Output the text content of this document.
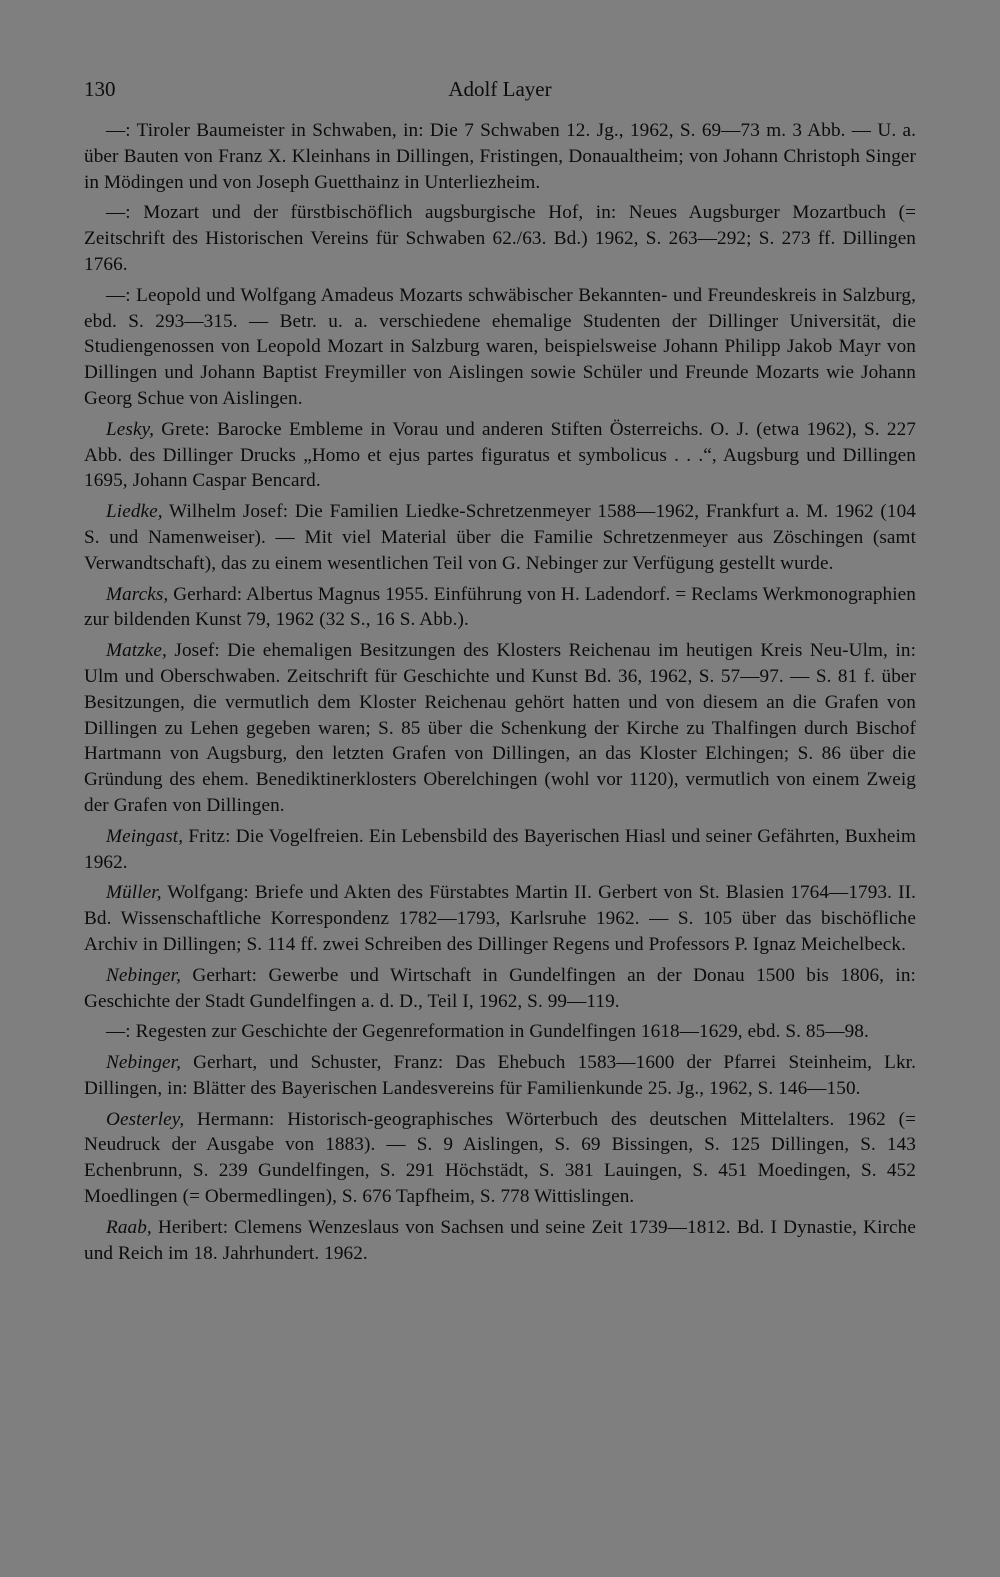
130	Adolf Layer

—: Tiroler Baumeister in Schwaben, in: Die 7 Schwaben 12. Jg., 1962, S. 69—73 m. 3 Abb. — U. a. über Bauten von Franz X. Kleinhans in Dillingen, Fristingen, Donaualtheim; von Johann Christoph Singer in Mödingen und von Joseph Guetthainz in Unterliezheim.

—: Mozart und der fürstbischöflich augsburgische Hof, in: Neues Augsburger Mozartbuch (= Zeitschrift des Historischen Vereins für Schwaben 62./63. Bd.) 1962, S. 263—292; S. 273 ff. Dillingen 1766.

—: Leopold und Wolfgang Amadeus Mozarts schwäbischer Bekannten- und Freundeskreis in Salzburg, ebd. S. 293—315. — Betr. u. a. verschiedene ehemalige Studenten der Dillinger Universität, die Studiengenossen von Leopold Mozart in Salzburg waren, beispielsweise Johann Philipp Jakob Mayr von Dillingen und Johann Baptist Freymiller von Aislingen sowie Schüler und Freunde Mozarts wie Johann Georg Schue von Aislingen.

Lesky, Grete: Barocke Embleme in Vorau und anderen Stiften Österreichs. O. J. (etwa 1962), S. 227 Abb. des Dillinger Drucks „Homo et ejus partes figuratus et symbolicus . . .“, Augsburg und Dillingen 1695, Johann Caspar Bencard.

Liedke, Wilhelm Josef: Die Familien Liedke-Schretzenmeyer 1588—1962, Frankfurt a. M. 1962 (104 S. und Namenweiser). — Mit viel Material über die Familie Schretzenmeyer aus Zöschingen (samt Verwandtschaft), das zu einem wesentlichen Teil von G. Nebinger zur Verfügung gestellt wurde.

Marcks, Gerhard: Albertus Magnus 1955. Einführung von H. Ladendorf. = Reclams Werkmonographien zur bildenden Kunst 79, 1962 (32 S., 16 S. Abb.).

Matzke, Josef: Die ehemaligen Besitzungen des Klosters Reichenau im heutigen Kreis Neu-Ulm, in: Ulm und Oberschwaben. Zeitschrift für Geschichte und Kunst Bd. 36, 1962, S. 57—97. — S. 81 f. über Besitzungen, die vermutlich dem Kloster Reichenau gehört hatten und von diesem an die Grafen von Dillingen zu Lehen gegeben waren; S. 85 über die Schenkung der Kirche zu Thalfingen durch Bischof Hartmann von Augsburg, den letzten Grafen von Dillingen, an das Kloster Elchingen; S. 86 über die Gründung des ehem. Benediktinerklosters Oberelchingen (wohl vor 1120), vermutlich von einem Zweig der Grafen von Dillingen.

Meingast, Fritz: Die Vogelfreien. Ein Lebensbild des Bayerischen Hiasl und seiner Gefährten, Buxheim 1962.

Müller, Wolfgang: Briefe und Akten des Fürstabtes Martin II. Gerbert von St. Blasien 1764—1793. II. Bd. Wissenschaftliche Korrespondenz 1782—1793, Karlsruhe 1962. — S. 105 über das bischöfliche Archiv in Dillingen; S. 114 ff. zwei Schreiben des Dillinger Regens und Professors P. Ignaz Meichelbeck.

Nebinger, Gerhart: Gewerbe und Wirtschaft in Gundelfingen an der Donau 1500 bis 1806, in: Geschichte der Stadt Gundelfingen a. d. D., Teil I, 1962, S. 99—119.

—: Regesten zur Geschichte der Gegenreformation in Gundelfingen 1618—1629, ebd. S. 85—98.

Nebinger, Gerhart, und Schuster, Franz: Das Ehebuch 1583—1600 der Pfarrei Steinheim, Lkr. Dillingen, in: Blätter des Bayerischen Landesvereins für Familienkunde 25. Jg., 1962, S. 146—150.

Oesterley, Hermann: Historisch-geographisches Wörterbuch des deutschen Mittelalters. 1962 (= Neudruck der Ausgabe von 1883). — S. 9 Aislingen, S. 69 Bissingen, S. 125 Dillingen, S. 143 Echenbrunn, S. 239 Gundelfingen, S. 291 Höchstädt, S. 381 Lauingen, S. 451 Moedingen, S. 452 Moedlingen (= Obermedlingen), S. 676 Tapfheim, S. 778 Wittislingen.

Raab, Heribert: Clemens Wenzeslaus von Sachsen und seine Zeit 1739—1812. Bd. I Dynastie, Kirche und Reich im 18. Jahrhundert. 1962.
